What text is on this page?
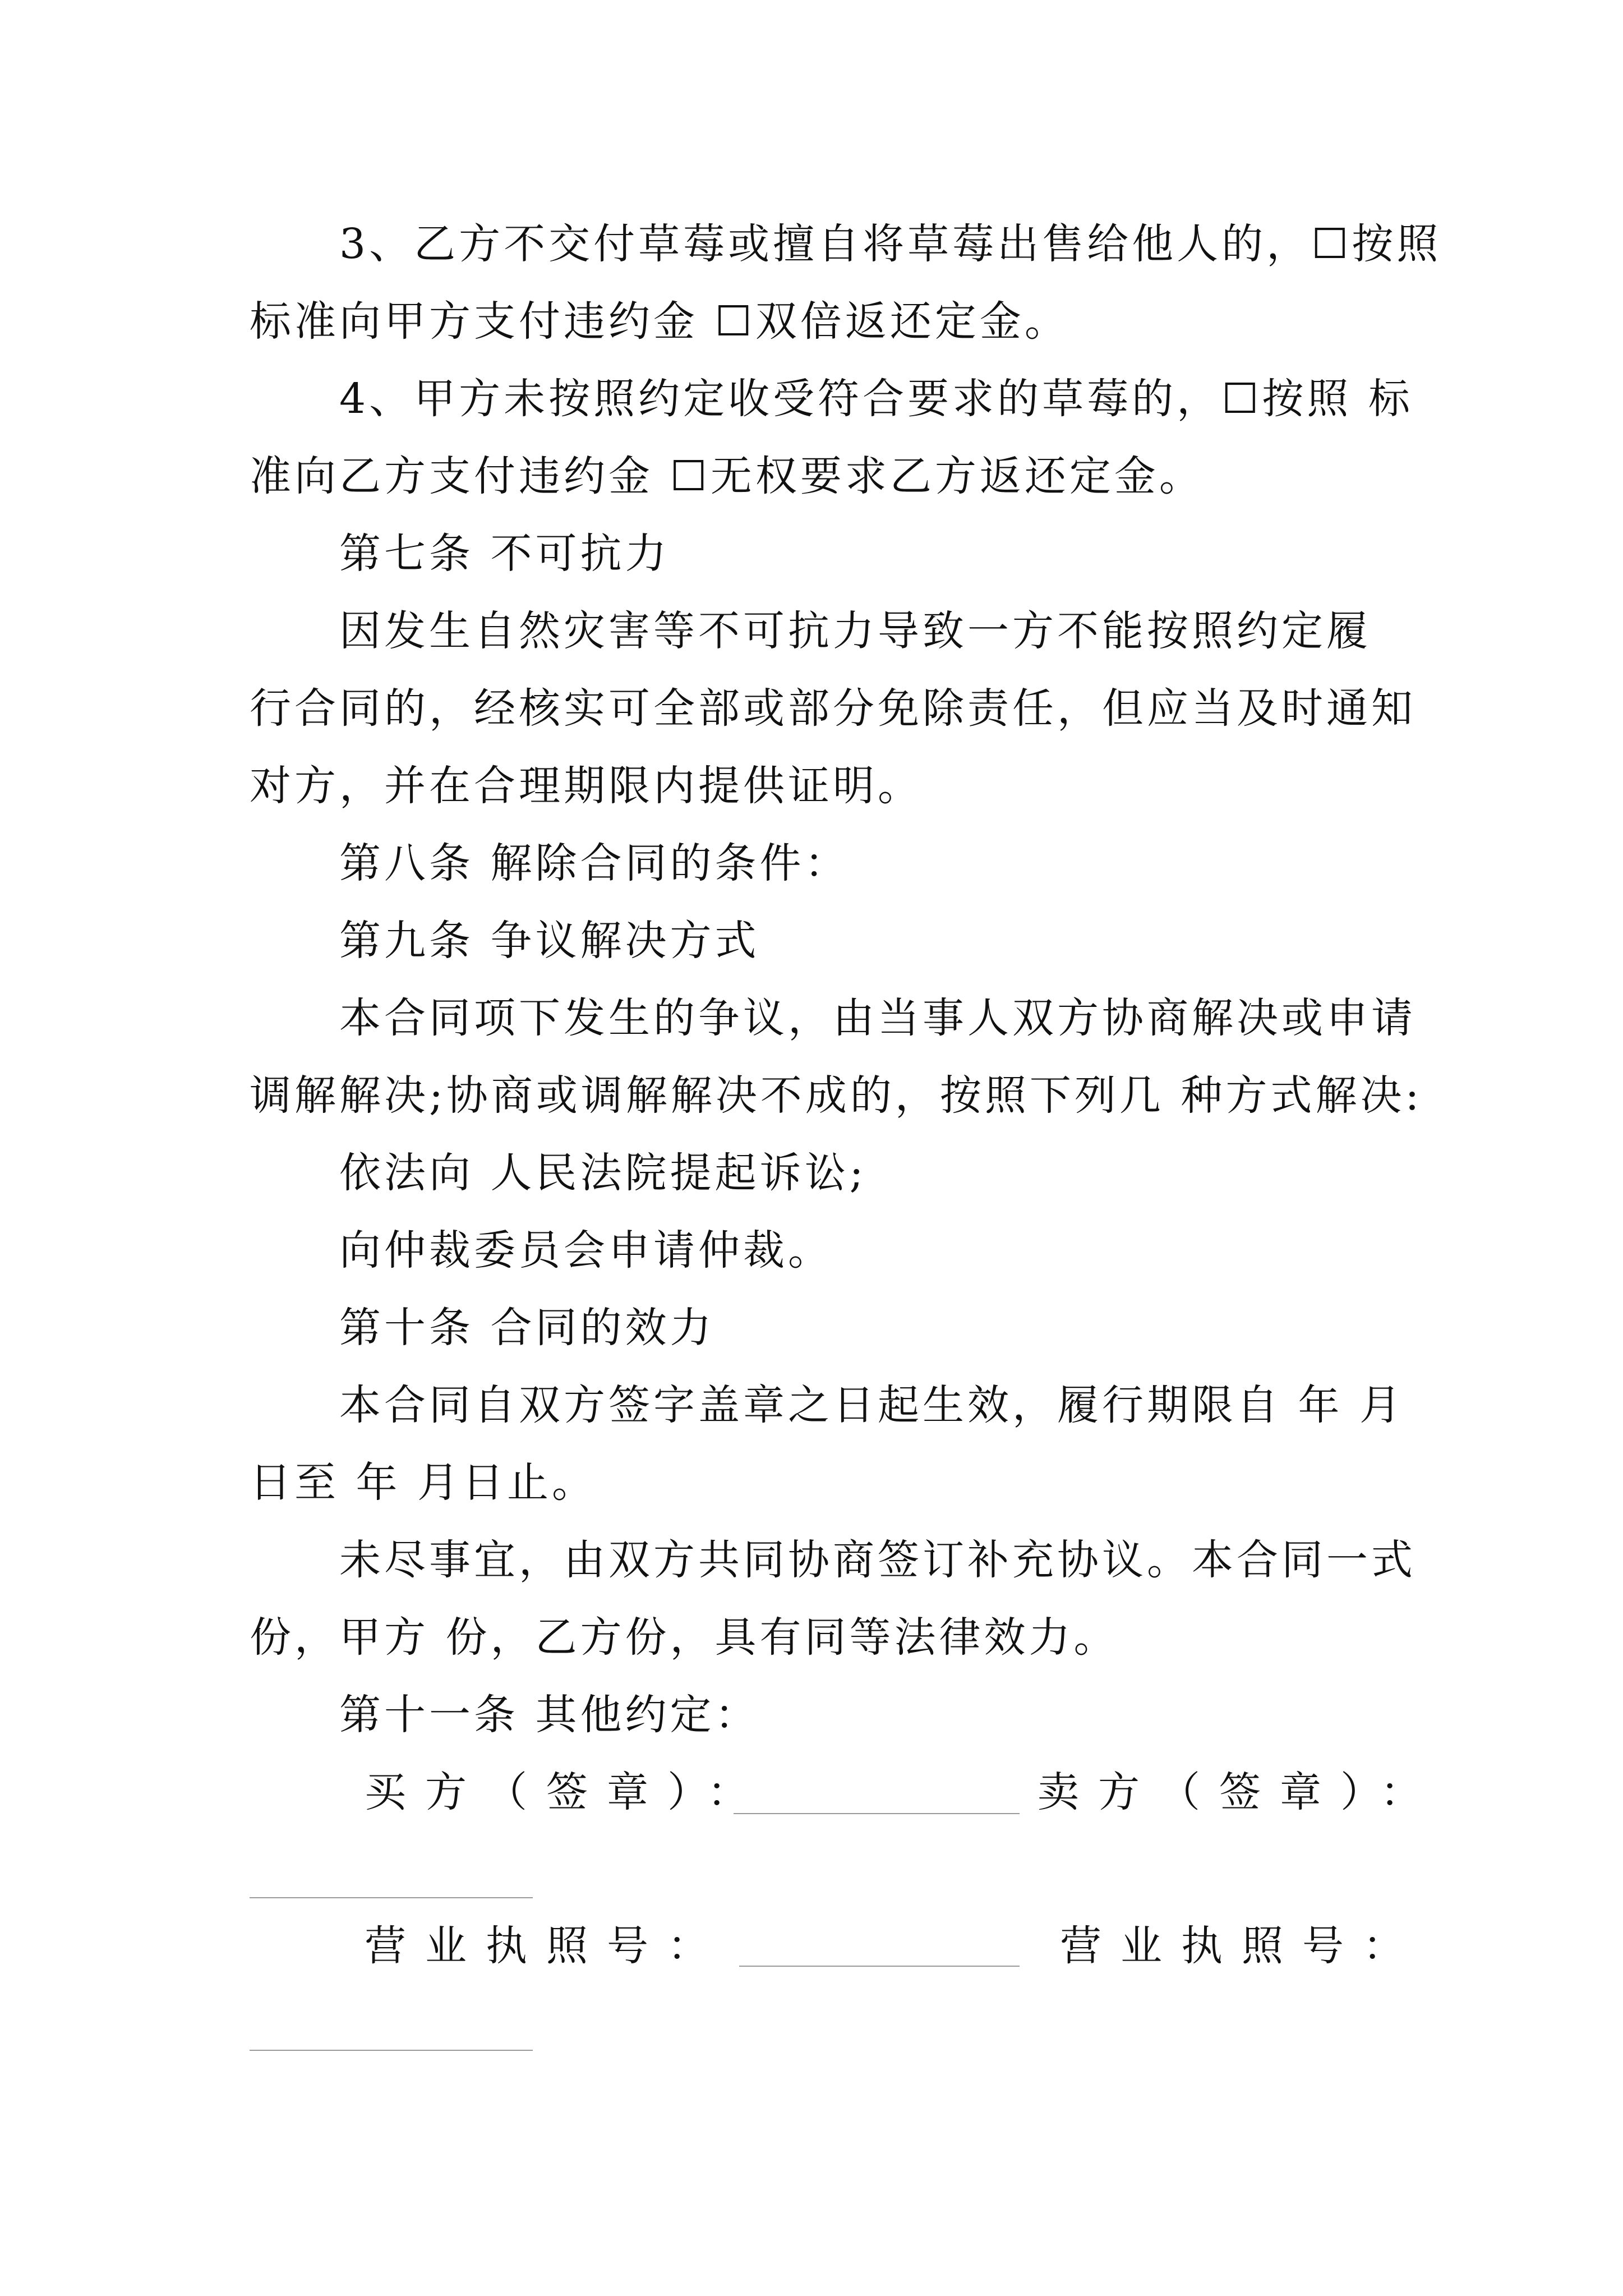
3、乙方不交付草莓或擅自将草莓出售给他人的，☐按照
标准向甲方支付违约金 ☐双倍返还定金。
4、甲方未按照约定收受符合要求的草莓的，☐按照 标
准向乙方支付违约金 ☐无权要求乙方返还定金。
第七条 不可抗力
因发生自然灾害等不可抗力导致一方不能按照约定履
行合同的，经核实可全部或部分免除责任，但应当及时通知
对方，并在合理期限内提供证明。
第八条 解除合同的条件：
第九条 争议解决方式
本合同项下发生的争议，由当事人双方协商解决或申请
调解解决;协商或调解解决不成的，按照下列几 种方式解决:
依法向 人民法院提起诉讼;
向仲裁委员会申请仲裁。
第十条 合同的效力
本合同自双方签字盖章之日起生效，履行期限自 年 月
日至 年 月日止。
未尽事宜，由双方共同协商签订补充协议。本合同一式
份，甲方 份，乙方份，具有同等法律效力。
第十一条 其他约定：
买方（签章）：	卖方（签章）：
营业执照号：	营业执照号：
